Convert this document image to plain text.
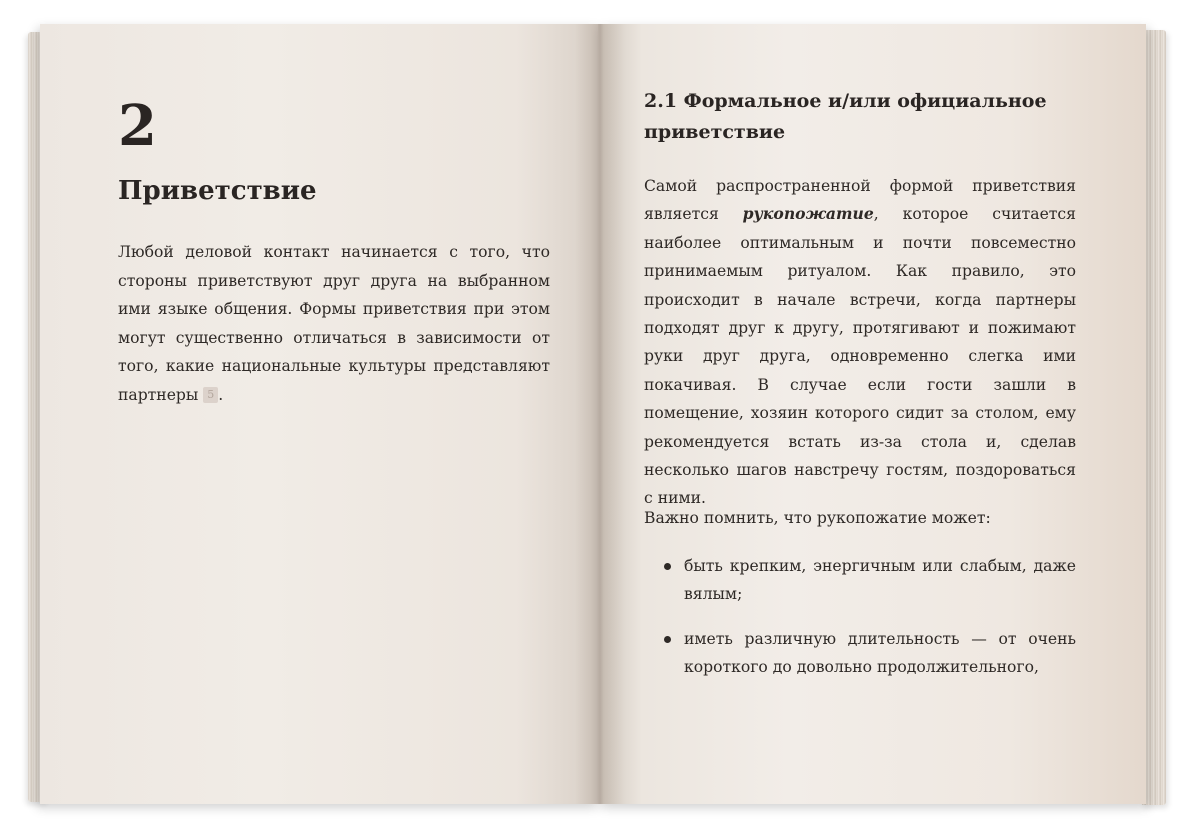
2
Приветствие

Любой деловой контакт начинается с того, что стороны приветствуют друг друга на выбранном ими языке общения. Формы приветствия при этом могут существенно отличаться в зависимости от того, какие национальные культуры представляют партнеры 5 .

2.1 Формальное и/или официальное приветствие

Самой распространенной формой приветствия является рукопожатие, которое считается наиболее оптимальным и почти повсеместно принимаемым ритуалом. Как правило, это происходит в начале встречи, когда партнеры подходят друг к другу, протягивают и пожимают руки друг друга, одновременно слегка ими покачивая. В случае если гости зашли в помещение, хозяин которого сидит за столом, ему рекомендуется встать из-за стола и, сделав несколько шагов навстречу гостям, поздороваться с ними.

Важно помнить, что рукопожатие может:

быть крепким, энергичным или слабым, даже вялым;
иметь различную длительность — от очень короткого до довольно продолжительного,
